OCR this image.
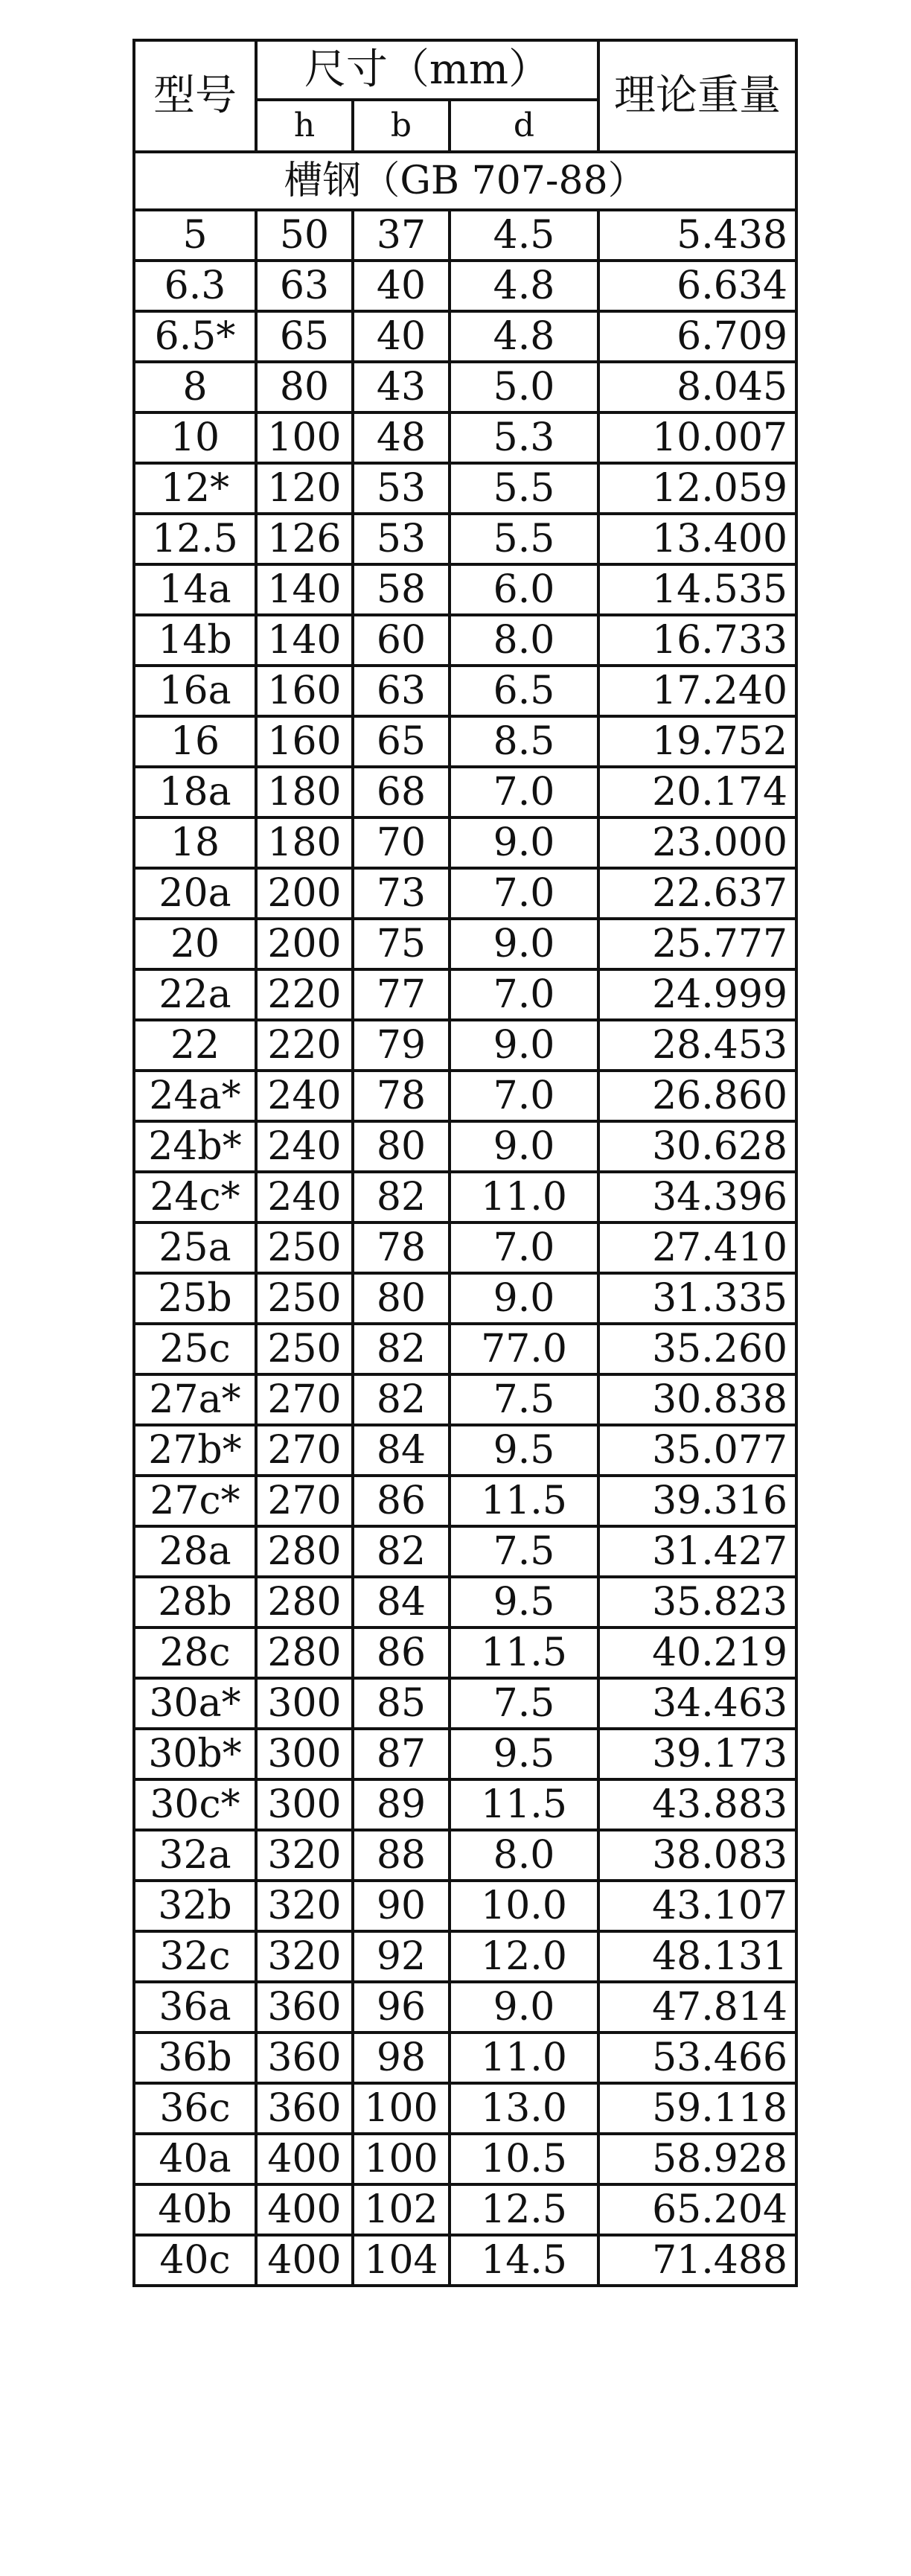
型号	尺寸（mm）			理论重量
	h	b	d	
槽钢（GB 707-88）				
5	50	37	4.5	5.438
6.3	63	40	4.8	6.634
6.5*	65	40	4.8	6.709
8	80	43	5.0	8.045
10	100	48	5.3	10.007
12*	120	53	5.5	12.059
12.5	126	53	5.5	13.400
14a	140	58	6.0	14.535
14b	140	60	8.0	16.733
16a	160	63	6.5	17.240
16	160	65	8.5	19.752
18a	180	68	7.0	20.174
18	180	70	9.0	23.000
20a	200	73	7.0	22.637
20	200	75	9.0	25.777
22a	220	77	7.0	24.999
22	220	79	9.0	28.453
24a*	240	78	7.0	26.860
24b*	240	80	9.0	30.628
24c*	240	82	11.0	34.396
25a	250	78	7.0	27.410
25b	250	80	9.0	31.335
25c	250	82	77.0	35.260
27a*	270	82	7.5	30.838
27b*	270	84	9.5	35.077
27c*	270	86	11.5	39.316
28a	280	82	7.5	31.427
28b	280	84	9.5	35.823
28c	280	86	11.5	40.219
30a*	300	85	7.5	34.463
30b*	300	87	9.5	39.173
30c*	300	89	11.5	43.883
32a	320	88	8.0	38.083
32b	320	90	10.0	43.107
32c	320	92	12.0	48.131
36a	360	96	9.0	47.814
36b	360	98	11.0	53.466
36c	360	100	13.0	59.118
40a	400	100	10.5	58.928
40b	400	102	12.5	65.204
40c	400	104	14.5	71.488
